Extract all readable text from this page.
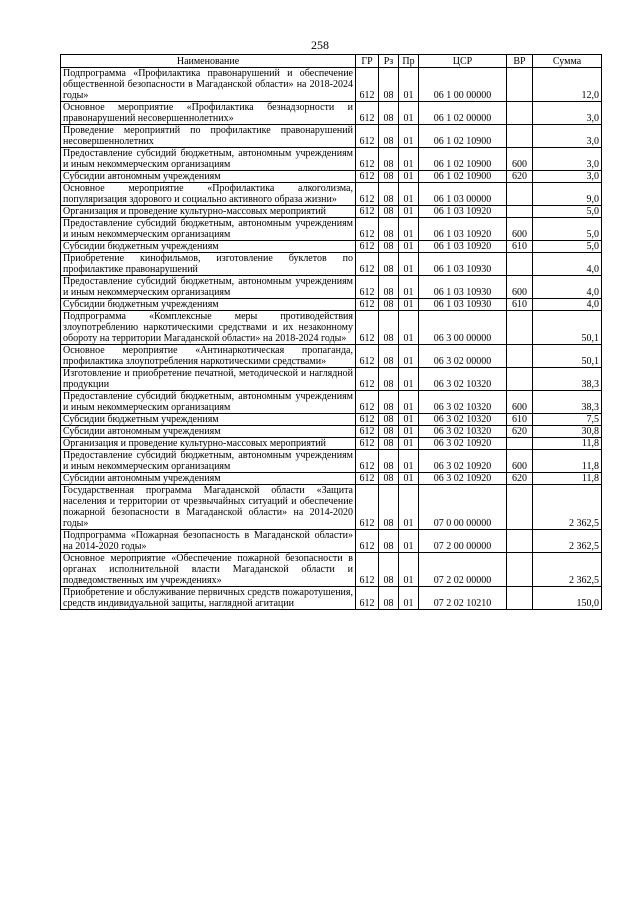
258
Наименование	ГР	Рз	Пр	ЦСР	ВР	Сумма
Подпрограмма «Профилактика правонарушений и обеспечение общественной безопасности в Магаданской области» на 2018-2024 годы»	612	08	01	06 1 00 00000		12,0
Основное мероприятие «Профилактика безнадзорности и правонарушений несовершеннолетних»	612	08	01	06 1 02 00000		3,0
Проведение мероприятий по профилактике правонарушений несовершеннолетних	612	08	01	06 1 02 10900		3,0
Предоставление субсидий бюджетным, автономным учреждениям и иным некоммерческим организациям	612	08	01	06 1 02 10900	600	3,0
Субсидии автономным учреждениям	612	08	01	06 1 02 10900	620	3,0
Основное мероприятие «Профилактика алкоголизма, популяризация здорового и социально активного образа жизни»	612	08	01	06 1 03 00000		9,0
Организация и проведение культурно-массовых мероприятий	612	08	01	06 1 03 10920		5,0
Предоставление субсидий бюджетным, автономным учреждениям и иным некоммерческим организациям	612	08	01	06 1 03 10920	600	5,0
Субсидии бюджетным учреждениям	612	08	01	06 1 03 10920	610	5,0
Приобретение кинофильмов, изготовление буклетов по профилактике правонарушений	612	08	01	06 1 03 10930		4,0
Предоставление субсидий бюджетным, автономным учреждениям и иным некоммерческим организациям	612	08	01	06 1 03 10930	600	4,0
Субсидии бюджетным учреждениям	612	08	01	06 1 03 10930	610	4,0
Подпрограмма «Комплексные меры противодействия злоупотреблению наркотическими средствами и их незаконному обороту на территории Магаданской области» на 2018-2024 годы»	612	08	01	06 3 00 00000		50,1
Основное мероприятие «Антинаркотическая пропаганда, профилактика злоупотребления наркотическими средствами»	612	08	01	06 3 02 00000		50,1
Изготовление и приобретение печатной, методической и наглядной продукции	612	08	01	06 3 02 10320		38,3
Предоставление субсидий бюджетным, автономным учреждениям и иным некоммерческим организациям	612	08	01	06 3 02 10320	600	38,3
Субсидии бюджетным учреждениям	612	08	01	06 3 02 10320	610	7,5
Субсидии автономным учреждениям	612	08	01	06 3 02 10320	620	30,8
Организация и проведение культурно-массовых мероприятий	612	08	01	06 3 02 10920		11,8
Предоставление субсидий бюджетным, автономным учреждениям и иным некоммерческим организациям	612	08	01	06 3 02 10920	600	11,8
Субсидии автономным учреждениям	612	08	01	06 3 02 10920	620	11,8
Государственная программа Магаданской области «Защита населения и территории от чрезвычайных ситуаций и обеспечение пожарной безопасности в Магаданской области» на 2014-2020 годы»	612	08	01	07 0 00 00000		2 362,5
Подпрограмма «Пожарная безопасность в Магаданской области» на 2014-2020 годы»	612	08	01	07 2 00 00000		2 362,5
Основное мероприятие «Обеспечение пожарной безопасности в органах исполнительной власти Магаданской области и подведомственных им учреждениях»	612	08	01	07 2 02 00000		2 362,5
Приобретение и обслуживание первичных средств пожаротушения, средств индивидуальной защиты, наглядной агитации	612	08	01	07 2 02 10210		150,0
